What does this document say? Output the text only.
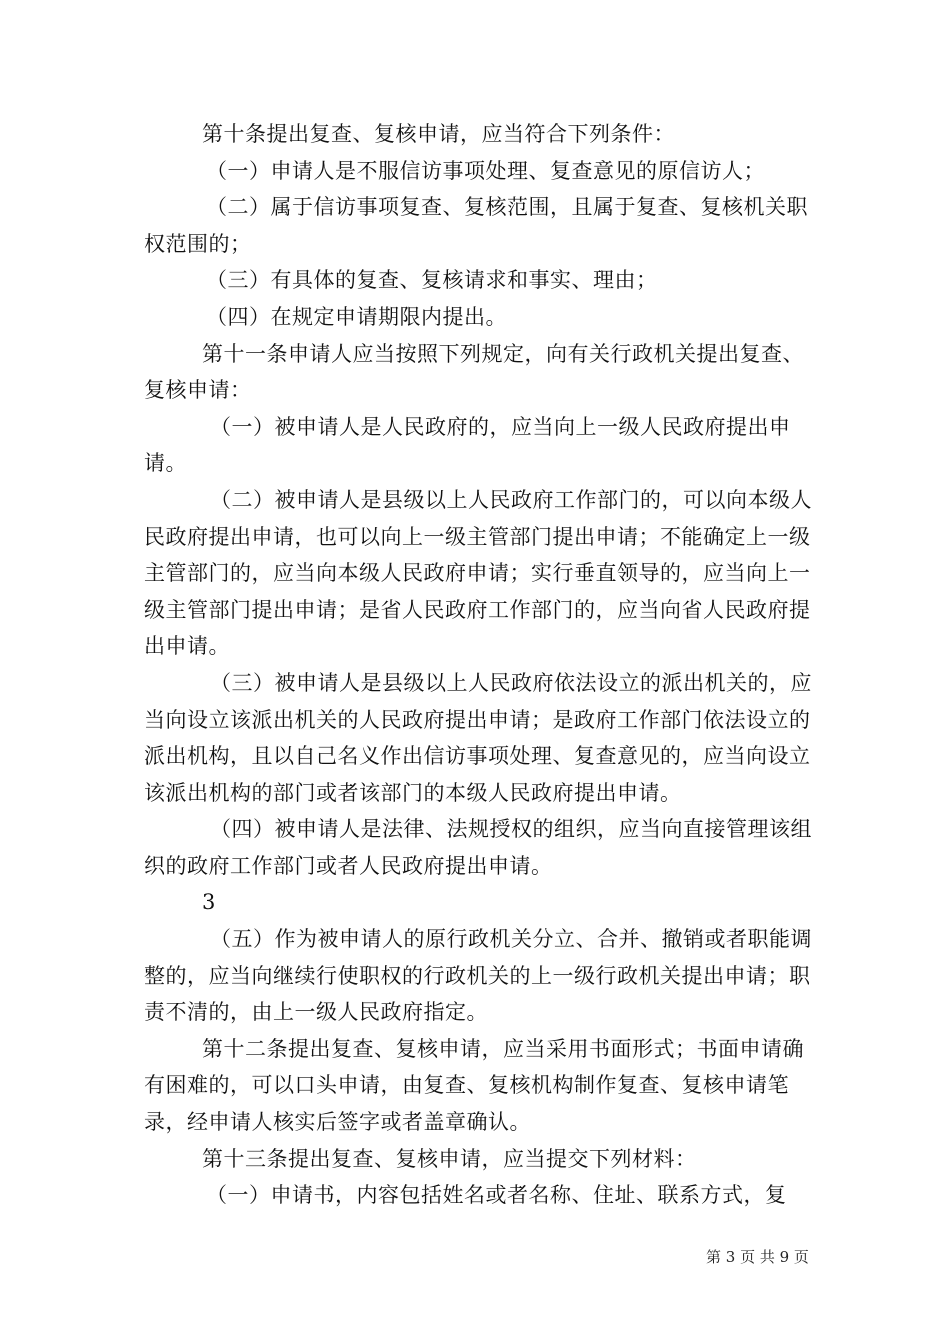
第十条提出复查、复核申请，应当符合下列条件：

（一）申请人是不服信访事项处理、复查意见的原信访人；

（二）属于信访事项复查、复核范围，且属于复查、复核机关职权范围的；

（三）有具体的复查、复核请求和事实、理由；

（四）在规定申请期限内提出。

第十一条申请人应当按照下列规定，向有关行政机关提出复查、复核申请：

（一）被申请人是人民政府的，应当向上一级人民政府提出申请。

（二）被申请人是县级以上人民政府工作部门的，可以向本级人民政府提出申请，也可以向上一级主管部门提出申请；不能确定上一级主管部门的，应当向本级人民政府申请；实行垂直领导的，应当向上一级主管部门提出申请；是省人民政府工作部门的，应当向省人民政府提出申请。

（三）被申请人是县级以上人民政府依法设立的派出机关的，应当向设立该派出机关的人民政府提出申请；是政府工作部门依法设立的派出机构，且以自己名义作出信访事项处理、复查意见的，应当向设立该派出机构的部门或者该部门的本级人民政府提出申请。

（四）被申请人是法律、法规授权的组织，应当向直接管理该组织的政府工作部门或者人民政府提出申请。

3

（五）作为被申请人的原行政机关分立、合并、撤销或者职能调整的，应当向继续行使职权的行政机关的上一级行政机关提出申请；职责不清的，由上一级人民政府指定。

第十二条提出复查、复核申请，应当采用书面形式；书面申请确有困难的，可以口头申请，由复查、复核机构制作复查、复核申请笔录，经申请人核实后签字或者盖章确认。

第十三条提出复查、复核申请，应当提交下列材料：

（一）申请书，内容包括姓名或者名称、住址、联系方式，复

第 3 页 共 9 页
